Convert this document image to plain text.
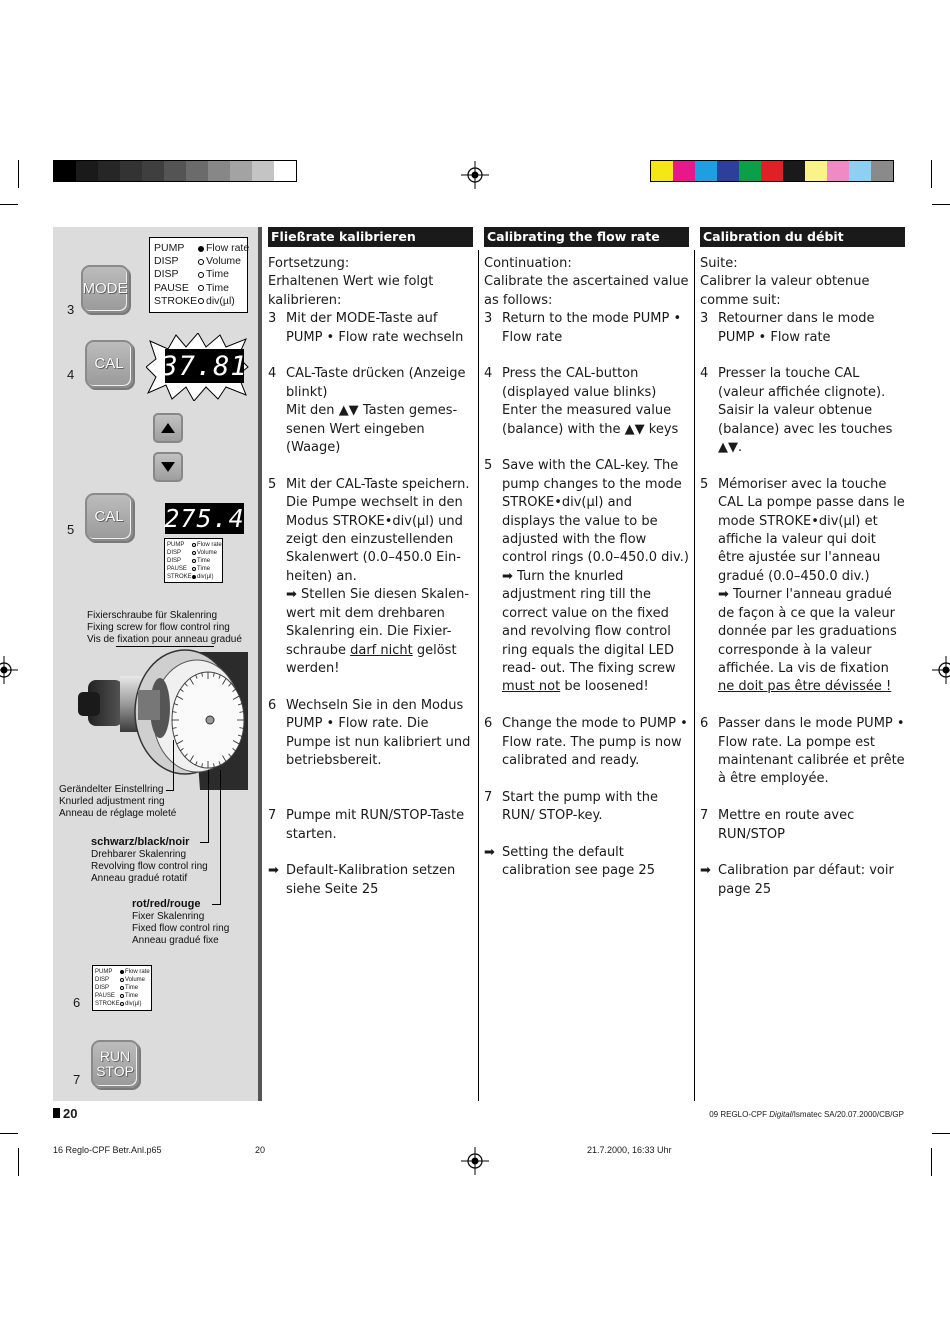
MODE
3
PUMP	Flow rate
DISP	Volume
DISP	Time
PAUSE	Time
STROKE div(µl)
CAL
4	37.81
CAL
5	275.4
PUMP	Flow rate
DISP	Volume
DISP	Time
PAUSE	Time
STROKE div(µl)
Fixierschraube für Skalenring
Fixing screw for flow control ring
Vis de fixation pour anneau gradué
Gerändelter Einstellring
Knurled adjustment ring
Anneau de réglage moleté
schwarz/black/noir
Drehbarer Skalenring
Revolving flow control ring
Anneau gradué rotatif
rot/red/rouge
Fixer Skalenring
Fixed flow control ring
Anneau gradué fixe
6
PUMP	Flow rate
DISP	Volume
DISP	Time
PAUSE	Time
STROKE div(µl)
RUN
STOP
7
Fließrate kalibrieren

Fortsetzung:

Erhaltenen Wert wie folgt kalibrieren:

3 Mit der MODE-Taste auf PUMP • Flow rate wechseln
4 CAL-Taste drücken (Anzeige blinkt)
Mit den ▲▼ Tasten gemes- senen Wert eingeben (Waage)
5 Mit der CAL-Taste speichern. Die Pumpe wechselt in den Modus STROKE•div(µl) und zeigt den einzustellenden Skalenwert (0.0–450.0 Ein- heiten) an.
➡ Stellen Sie diesen Skalen- wert mit dem drehbaren Skalenring ein. Die Fixier- schraube darf nicht gelöst werden!
6 Wechseln Sie in den Modus PUMP • Flow rate. Die Pumpe ist nun kalibriert und betriebsbereit.
7 Pumpe mit RUN/STOP-Taste starten.
➡ Default-Kalibration setzen siehe Seite 25
Calibrating the flow rate

Continuation:

Calibrate the ascertained value as follows:

3 Return to the mode PUMP • Flow rate
4 Press the CAL-button (displayed value blinks)
Enter the measured value (balance) with the ▲▼ keys
5 Save with the CAL-key. The pump changes to the mode STROKE•div(µl) and displays the value to be adjusted with the flow control rings (0.0–450.0 div.)
➡ Turn the knurled adjustment ring till the correct value on the fixed and revolving flow control ring equals the digital LED read- out. The fixing screw must not be loosened!
6 Change the mode to PUMP • Flow rate. The pump is now calibrated and ready.
7 Start the pump with the RUN/ STOP-key.
➡ Setting the default calibration see page 25
Calibration du débit

Suite:

Calibrer la valeur obtenue comme suit:

3 Retourner dans le mode PUMP • Flow rate
4 Presser la touche CAL (valeur affichée clignote).
Saisir la valeur obtenue (balance) avec les touches ▲▼.
5 Mémoriser avec la touche CAL La pompe passe dans le mode STROKE•div(µl) et affiche la valeur qui doit être ajustée sur l'anneau gradué (0.0–450.0 div.)
➡ Tourner l'anneau gradué de façon à ce que la valeur donnée par les graduations corresponde à la valeur affichée. La vis de fixation ne doit pas être dévissée !
6 Passer dans le mode PUMP • Flow rate. La pompe est maintenant calibrée et prête à être employée.
7 Mettre en route avec RUN/STOP
➡ Calibration par défaut: voir page 25
20	09 REGLO-CPF Digital/Ismatec SA/20.07.2000/CB/GP
16 Reglo-CPF Betr.Anl.p65	20	21.7.2000, 16:33 Uhr
